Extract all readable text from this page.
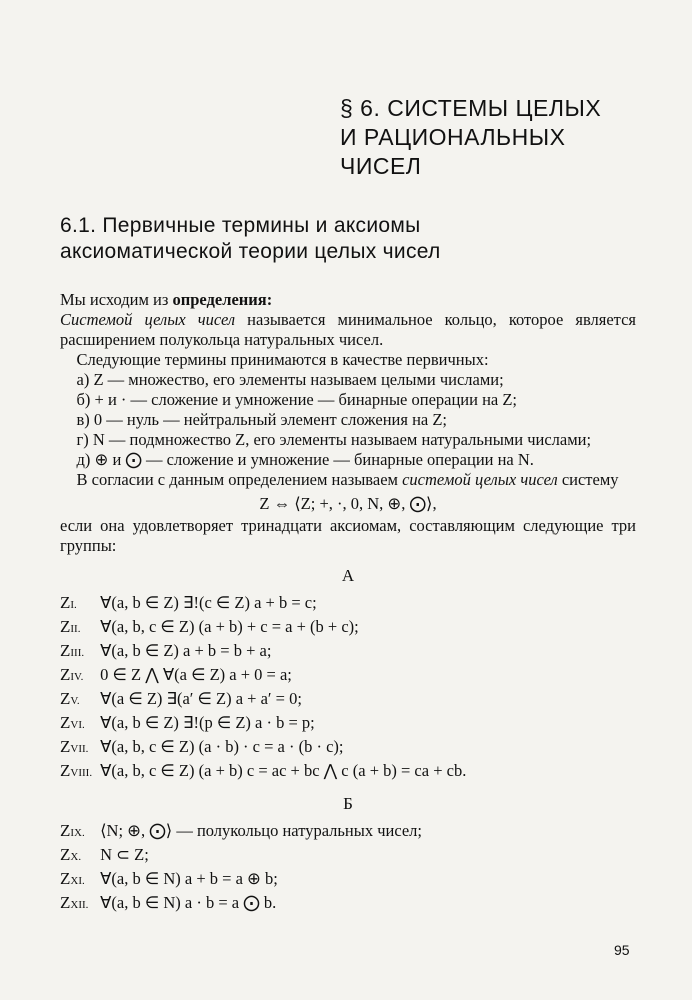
§ 6. СИСТЕМЫ ЦЕЛЫХ
И РАЦИОНАЛЬНЫХ
ЧИСЕЛ
6.1. Первичные термины и аксиомы
аксиоматической теории целых чисел

Мы исходим из определения:

Системой целых чисел называется минимальное кольцо, которое является расширением полукольца натуральных чисел.

Следующие термины принимаются в качестве первичных:

а) Z — множество, его элементы называем целыми числами;

б) + и · — сложение и умножение — бинарные операции на Z;

в) 0 — нуль — нейтральный элемент сложения на Z;

г) N — подмножество Z, его элементы называем натуральными числами;

д) ⊕ и ⨀ — сложение и умножение — бинарные операции на N.

В согласии с данным определением называем системой целых чисел систему

Z ⇔ ⟨Z; +, ·, 0, N, ⊕, ⨀⟩,

если она удовлетворяет тринадцати аксиомам, составляющим следующие три группы:

А
ZI. ∀(a, b ∈ Z) ∃!(c ∈ Z) a + b = c;
ZII. ∀(a, b, c ∈ Z) (a + b) + c = a + (b + c);
ZIII. ∀(a, b ∈ Z) a + b = b + a;
ZIV. 0 ∈ Z ⋀ ∀(a ∈ Z) a + 0 = a;
ZV. ∀(a ∈ Z) ∃(a′ ∈ Z) a + a′ = 0;
ZVI. ∀(a, b ∈ Z) ∃!(p ∈ Z) a · b = p;
ZVII. ∀(a, b, c ∈ Z) (a · b) · c = a · (b · c);
ZVIII. ∀(a, b, c ∈ Z) (a + b) c = ac + bc ⋀ c (a + b) = ca + cb.
Б
ZIX. ⟨N; ⊕, ⨀⟩ — полукольцо натуральных чисел;
ZX. N ⊂ Z;
ZXI. ∀(a, b ∈ N) a + b = a ⊕ b;
ZXII. ∀(a, b ∈ N) a · b = a ⨀ b.
95
